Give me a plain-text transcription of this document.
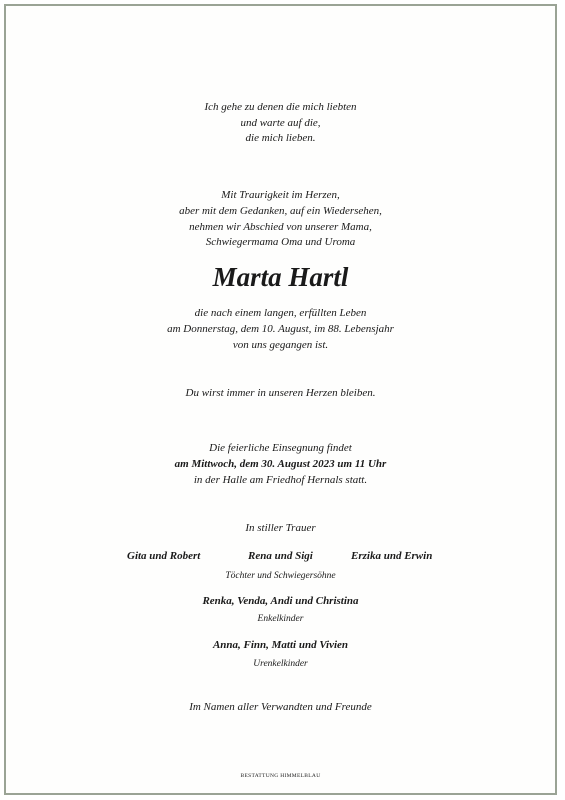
Ich gehe zu denen die mich liebten
und warte auf die,
die mich lieben.
Mit Traurigkeit im Herzen,
aber mit dem Gedanken, auf ein Wiedersehen,
nehmen wir Abschied von unserer Mama,
Schwiegermama Oma und Uroma
Marta Hartl
die nach einem langen, erfüllten Leben
am Donnerstag, dem 10. August, im 88. Lebensjahr
von uns gegangen ist.
Du wirst immer in unseren Herzen bleiben.
Die feierliche Einsegnung findet
am Mittwoch, dem 30. August 2023 um 11 Uhr
in der Halle am Friedhof Hernals statt.
In stiller Trauer
Gita und Robert	Rena und Sigi	Erzika und Erwin
Töchter und Schwiegersöhne
Renka, Venda, Andi und Christina
Enkelkinder
Anna, Finn, Matti und Vivien
Urenkelkinder
Im Namen aller Verwandten und Freunde
BESTATTUNG HIMMELBLAU
